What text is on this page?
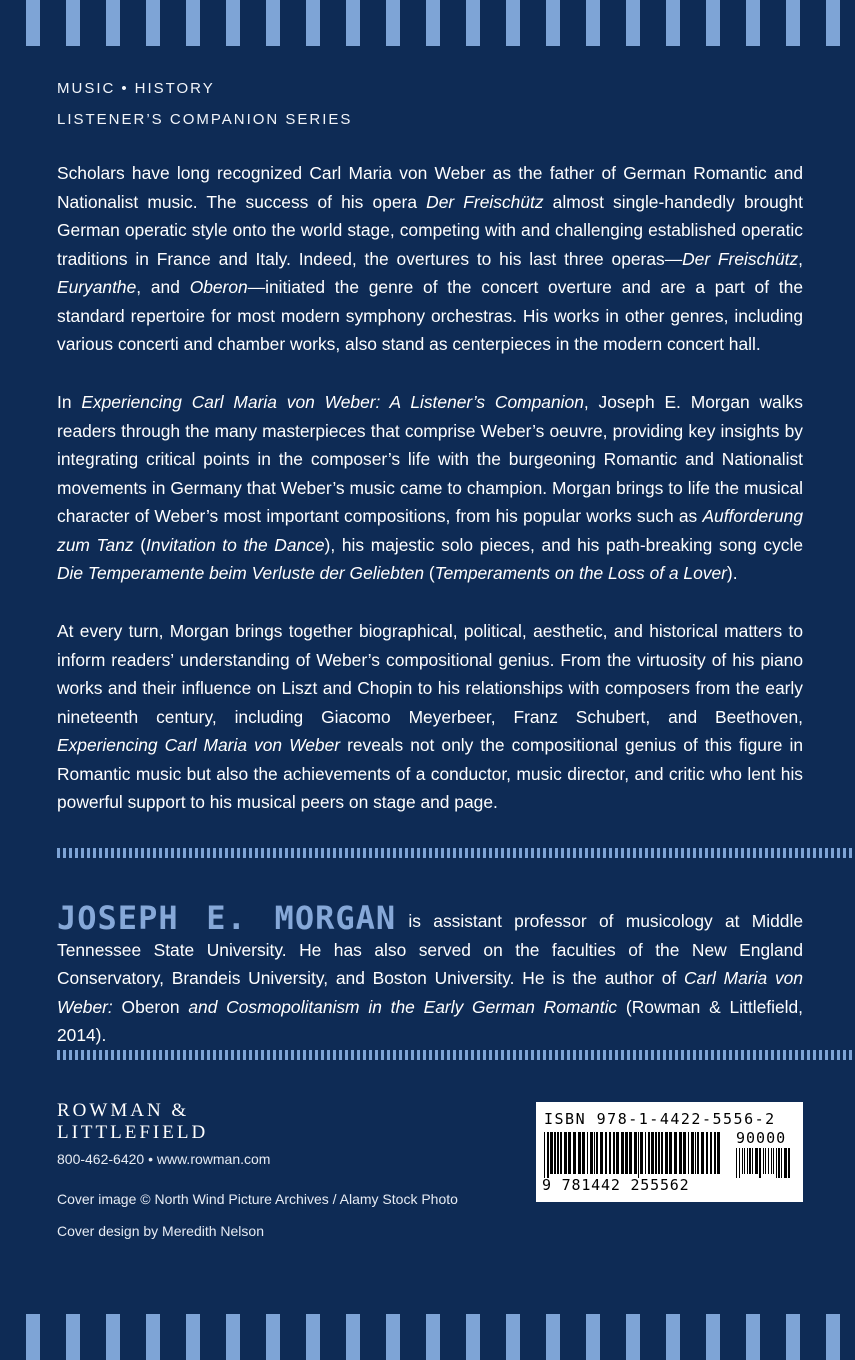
MUSIC • HISTORY
LISTENER’S COMPANION SERIES

Scholars have long recognized Carl Maria von Weber as the father of German Romantic and Nationalist music. The success of his opera Der Freischütz almost single-handedly brought German operatic style onto the world stage, competing with and challenging established operatic traditions in France and Italy. Indeed, the overtures to his last three operas—Der Freischütz, Euryanthe, and Oberon—initiated the genre of the concert overture and are a part of the standard repertoire for most modern symphony orchestras. His works in other genres, including various concerti and chamber works, also stand as centerpieces in the modern concert hall.

In Experiencing Carl Maria von Weber: A Listener’s Companion, Joseph E. Morgan walks readers through the many masterpieces that comprise Weber’s oeuvre, providing key insights by integrating critical points in the composer’s life with the burgeoning Romantic and Nationalist movements in Germany that Weber’s music came to champion. Morgan brings to life the musical character of Weber’s most important compositions, from his popular works such as Aufforderung zum Tanz (Invitation to the Dance), his majestic solo pieces, and his path-breaking song cycle Die Temperamente beim Verluste der Geliebten (Temperaments on the Loss of a Lover).

At every turn, Morgan brings together biographical, political, aesthetic, and historical matters to inform readers’ understanding of Weber’s compositional genius. From the virtuosity of his piano works and their influence on Liszt and Chopin to his relationships with composers from the early nineteenth century, including Giacomo Meyerbeer, Franz Schubert, and Beethoven, Experiencing Carl Maria von Weber reveals not only the compositional genius of this figure in Romantic music but also the achievements of a conductor, music director, and critic who lent his powerful support to his musical peers on stage and page.

JOSEPH E. MORGAN is assistant professor of musicology at Middle Tennessee State University. He has also served on the faculties of the New England Conservatory, Brandeis University, and Boston University. He is the author of Carl Maria von Weber: Oberon and Cosmopolitanism in the Early German Romantic (Rowman & Littlefield, 2014).

ROWMAN &
LITTLEFIELD
800-462-6420 • www.rowman.com
Cover image © North Wind Picture Archives / Alamy Stock Photo
Cover design by Meredith Nelson
ISBN 978-1-4422-5556-2
90000
9 781442 255562
